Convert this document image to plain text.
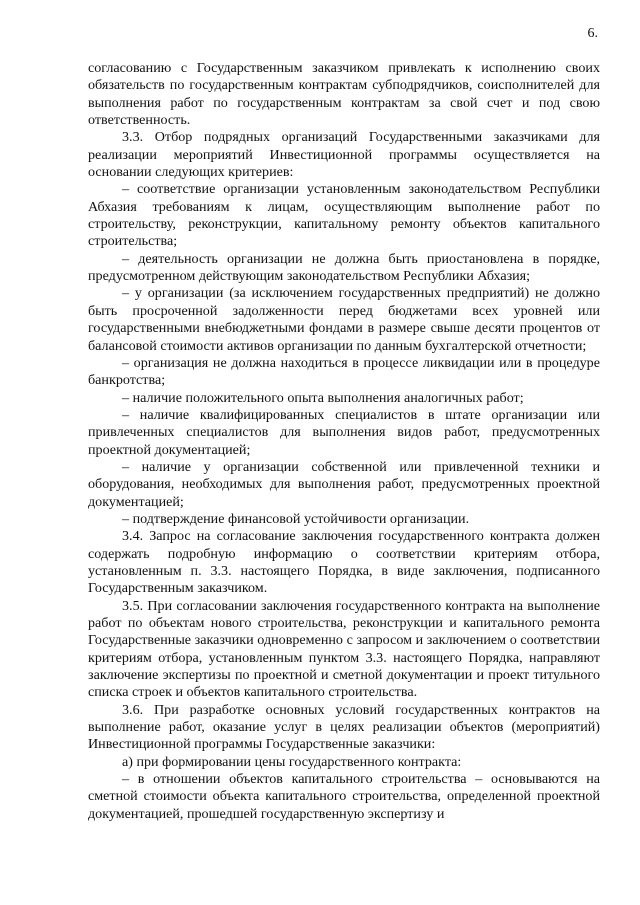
6.

согласованию с Государственным заказчиком привлекать к исполнению своих обязательств по государственным контрактам субподрядчиков, соисполнителей для выполнения работ по государственным контрактам за свой счет и под свою ответственность.

3.3. Отбор подрядных организаций Государственными заказчиками для реализации мероприятий Инвестиционной программы осуществляется на основании следующих критериев:

– соответствие организации установленным законодательством Республики Абхазия требованиям к лицам, осуществляющим выполнение работ по строительству, реконструкции, капитальному ремонту объектов капитального строительства;

– деятельность организации не должна быть приостановлена в порядке, предусмотренном действующим законодательством Республики Абхазия;

– у организации (за исключением государственных предприятий) не должно быть просроченной задолженности перед бюджетами всех уровней или государственными внебюджетными фондами в размере свыше десяти процентов от балансовой стоимости активов организации по данным бухгалтерской отчетности;

– организация не должна находиться в процессе ликвидации или в процедуре банкротства;

– наличие положительного опыта выполнения аналогичных работ;

– наличие квалифицированных специалистов в штате организации или привлеченных специалистов для выполнения видов работ, предусмотренных проектной документацией;

– наличие у организации собственной или привлеченной техники и оборудования, необходимых для выполнения работ, предусмотренных проектной документацией;

– подтверждение финансовой устойчивости организации.

3.4. Запрос на согласование заключения государственного контракта должен содержать подробную информацию о соответствии критериям отбора, установленным п. 3.3. настоящего Порядка, в виде заключения, подписанного Государственным заказчиком.

3.5. При согласовании заключения государственного контракта на выполнение работ по объектам нового строительства, реконструкции и капитального ремонта Государственные заказчики одновременно с запросом и заключением о соответствии критериям отбора, установленным пунктом 3.3. настоящего Порядка, направляют заключение экспертизы по проектной и сметной документации и проект титульного списка строек и объектов капитального строительства.

3.6. При разработке основных условий государственных контрактов на выполнение работ, оказание услуг в целях реализации объектов (мероприятий) Инвестиционной программы Государственные заказчики:

а) при формировании цены государственного контракта:

– в отношении объектов капитального строительства – основываются на сметной стоимости объекта капитального строительства, определенной проектной документацией, прошедшей государственную экспертизу и
